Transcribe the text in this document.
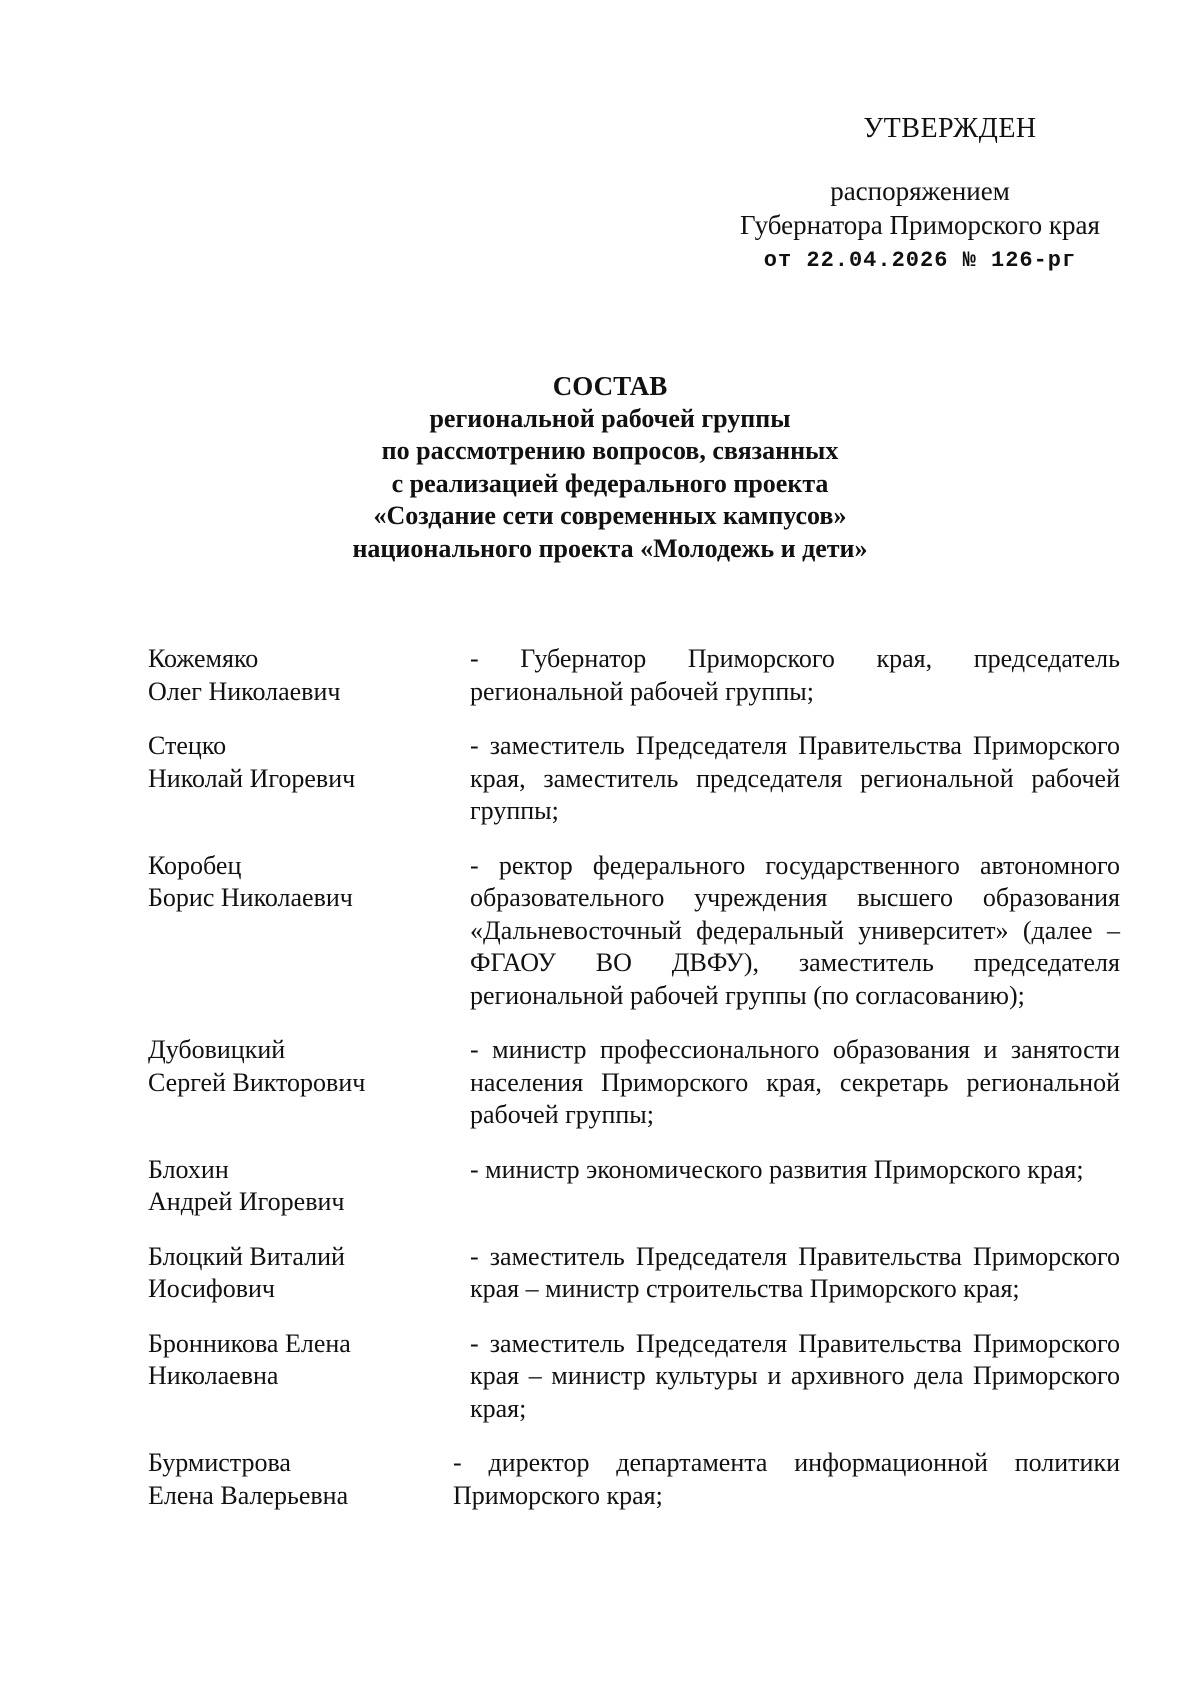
УТВЕРЖДЕН
распоряжением
Губернатора Приморского края
от 22.04.2026 № 126-рг
СОСТАВ
региональной рабочей группы
по рассмотрению вопросов, связанных
с реализацией федерального проекта
«Создание сети современных кампусов»
национального проекта «Молодежь и дети»
Кожемяко
Олег Николаевич
- Губернатор Приморского края, председатель региональной рабочей группы;
Стецко
Николай Игоревич
- заместитель Председателя Правительства Приморского края, заместитель председателя региональной рабочей группы;
Коробец
Борис Николаевич
- ректор федерального государственного автономного образовательного учреждения высшего образования «Дальневосточный федеральный университет» (далее – ФГАОУ ВО ДВФУ), заместитель председателя региональной рабочей группы (по согласованию);
Дубовицкий
Сергей Викторович
- министр профессионального образования и занятости населения Приморского края, секретарь региональной рабочей группы;
Блохин
Андрей Игоревич
- министр экономического развития Приморского края;
Блоцкий Виталий
Иосифович
- заместитель Председателя Правительства Приморского края – министр строительства Приморского края;
Бронникова Елена
Николаевна
- заместитель Председателя Правительства Приморского края – министр культуры и архивного дела Приморского края;
Бурмистрова
Елена Валерьевна
- директор департамента информационной политики Приморского края;
